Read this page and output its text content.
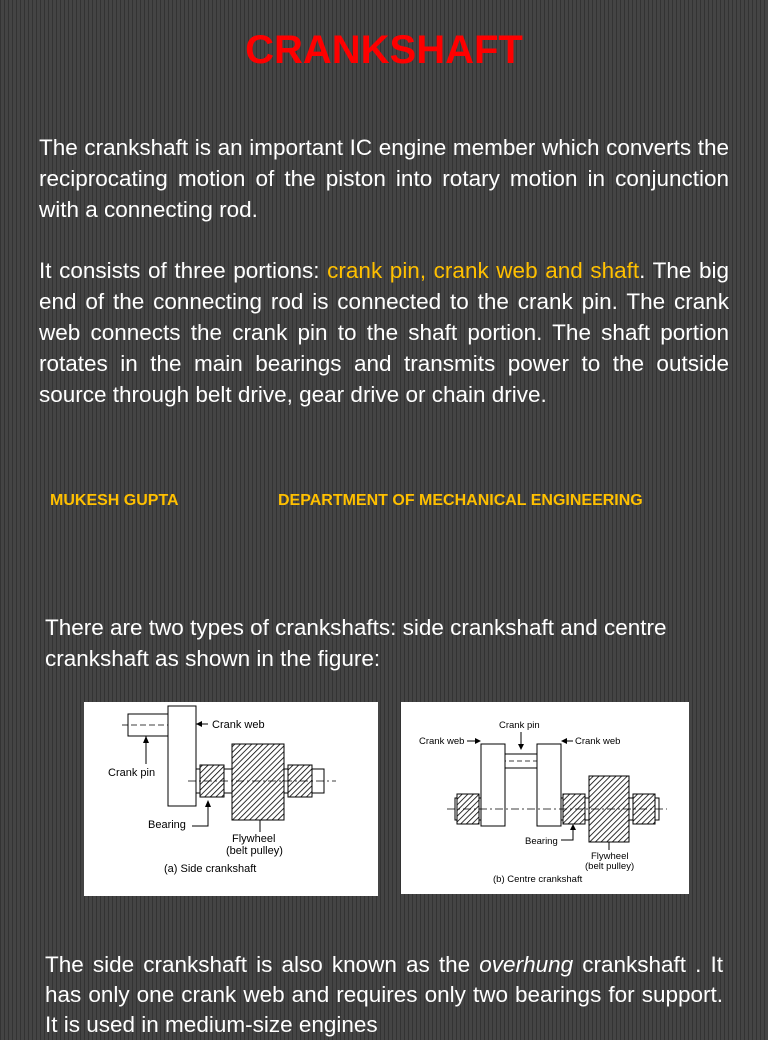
CRANKSHAFT
The crankshaft is an important IC engine member which converts the reciprocating motion of the piston into rotary motion in conjunction with a connecting rod.
It consists of three portions: crank pin, crank web and shaft. The big end of the connecting rod is connected to the crank pin. The crank web connects the crank pin to the shaft portion. The shaft portion rotates in the main bearings and transmits power to the outside source through belt drive, gear drive or chain drive.
MUKESH GUPTA	DEPARTMENT OF MECHANICAL ENGINEERING
There are two types of crankshafts: side crankshaft and centre crankshaft as shown in the figure:
Crank web
Crank pin
Bearing
Flywheel
(belt pulley)
(a) Side crankshaft
Crank pin
Crank web	Crank web
Bearing
Flywheel
(belt pulley)
(b) Centre crankshaft
The side crankshaft is also known as the overhung crankshaft . It has only one crank web and requires only two bearings for support. It is used in medium-size engines
